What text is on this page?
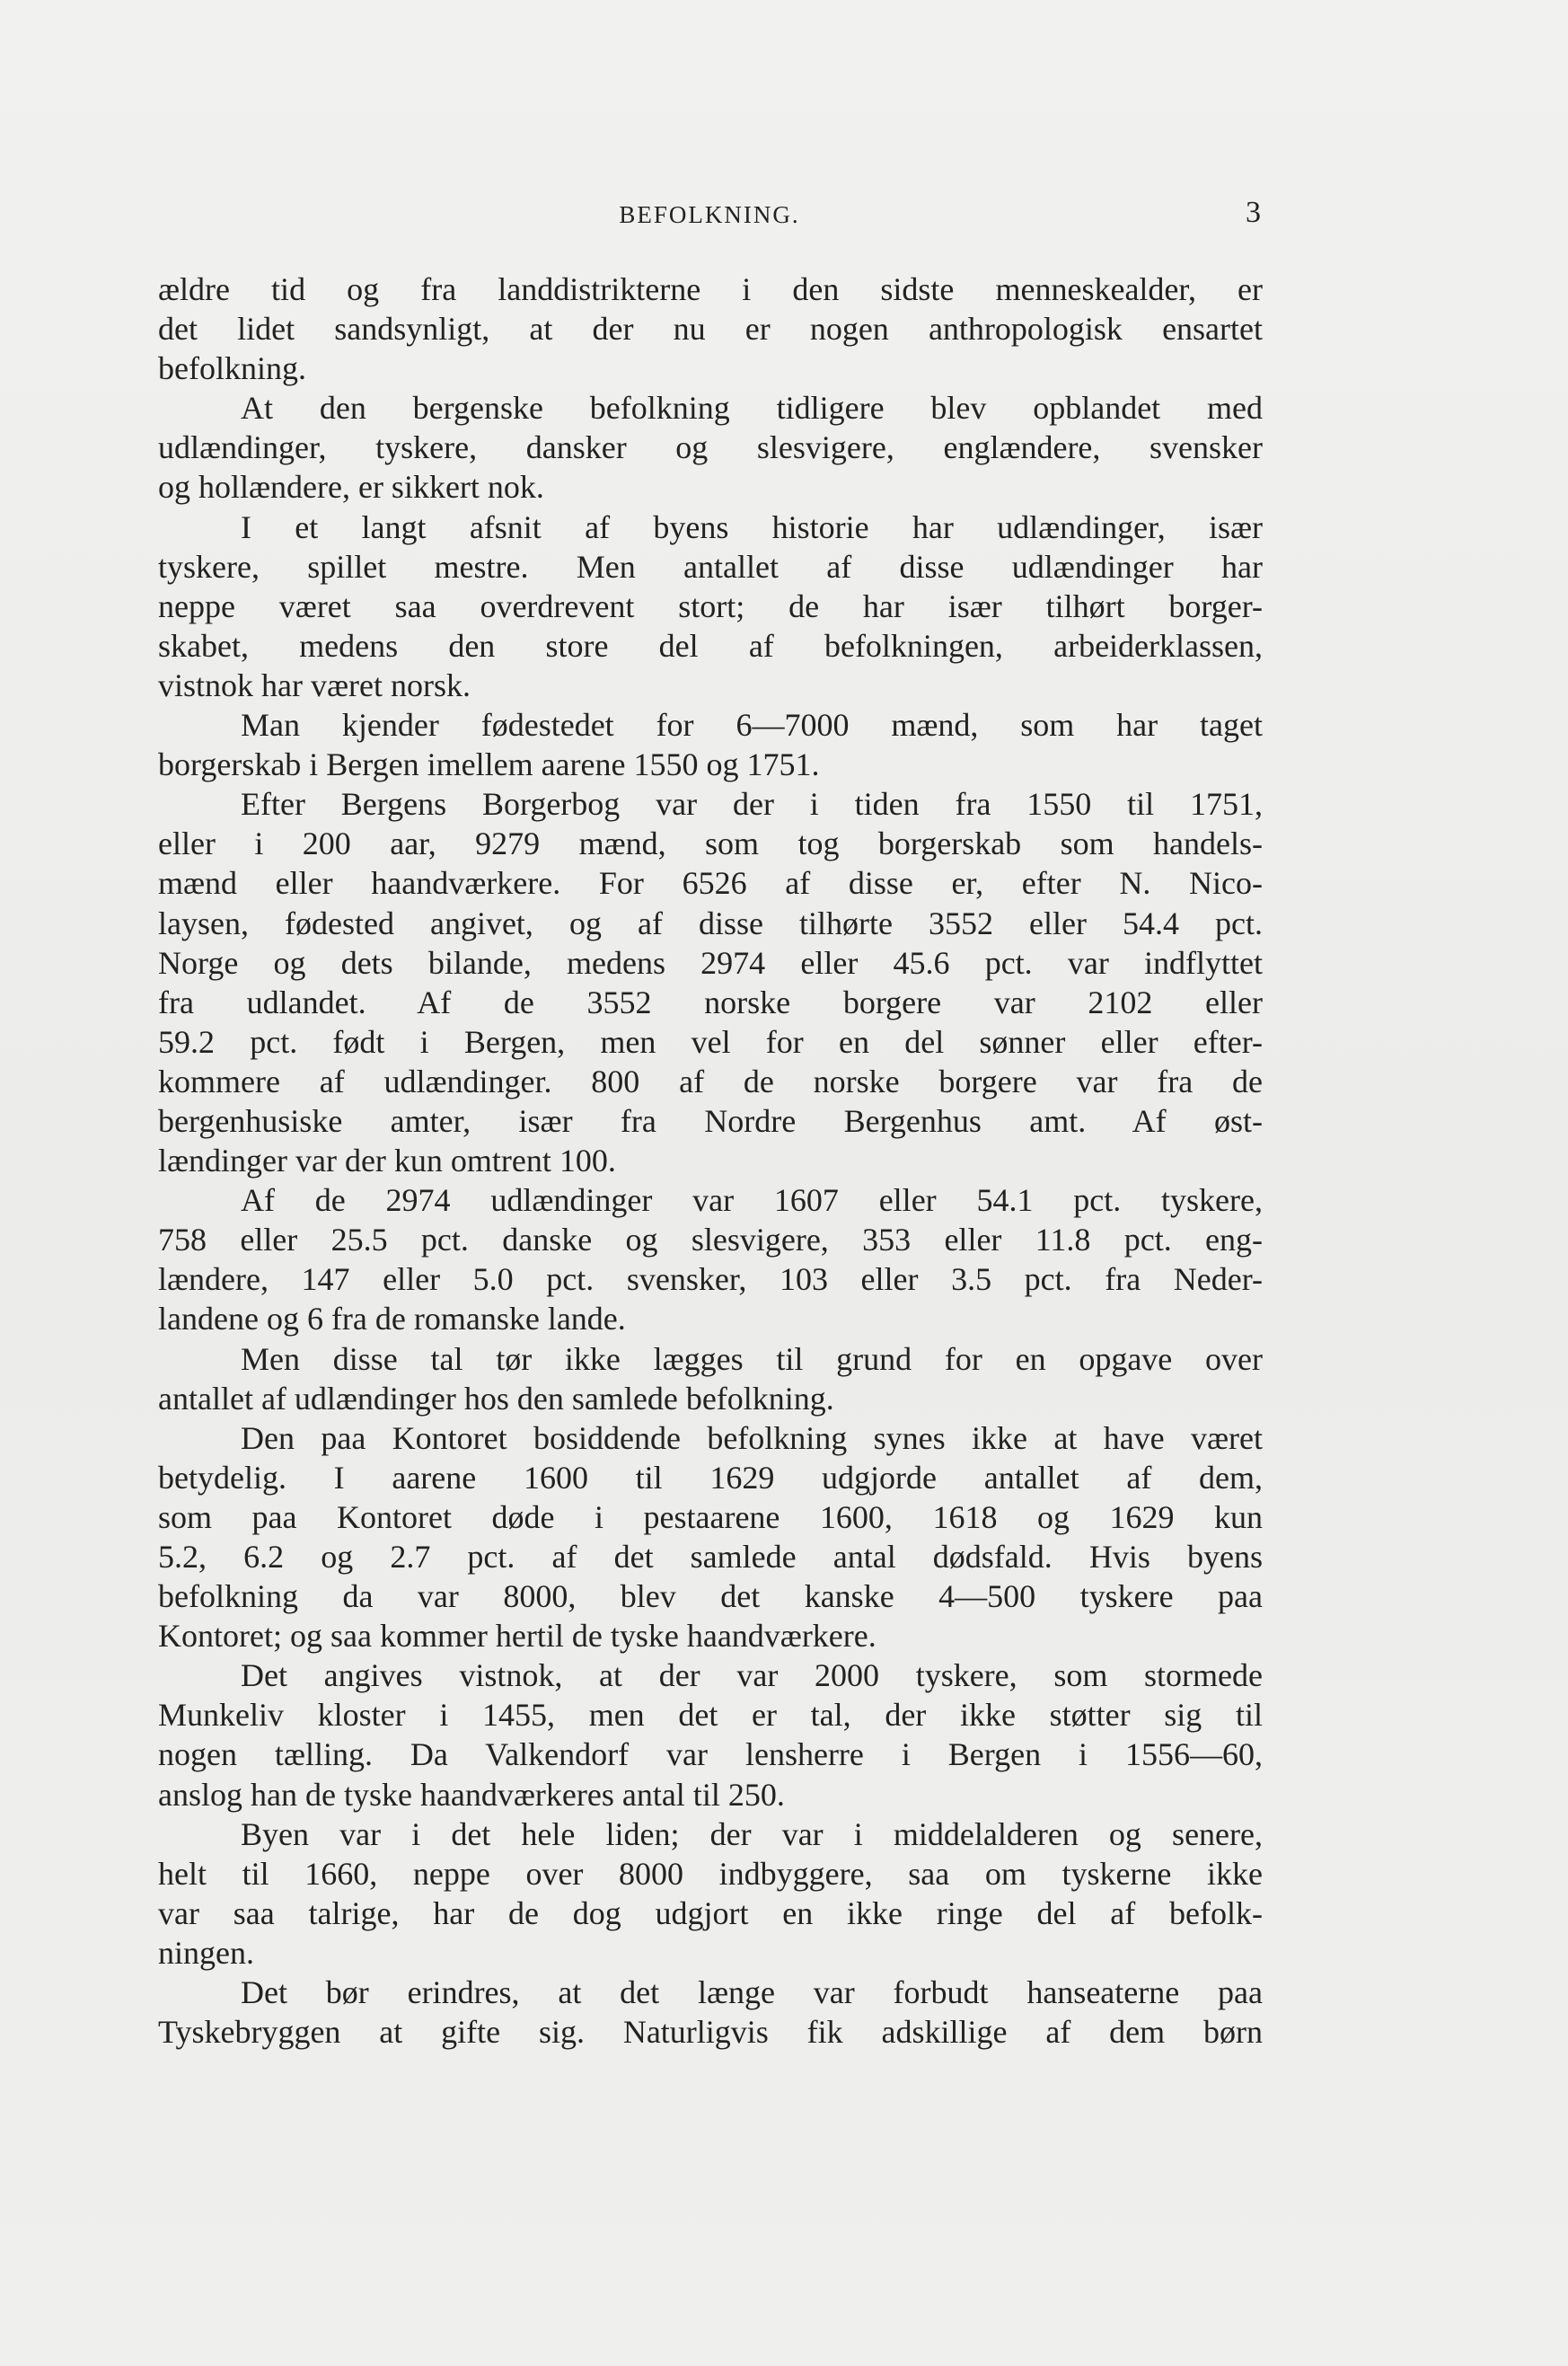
BEFOLKNING.	3
ældre tid og fra landdistrikterne i den sidste menneskealder, er
det lidet sandsynligt, at der nu er nogen anthropologisk ensartet
befolkning.
At den bergenske befolkning tidligere blev opblandet med
udlændinger, tyskere, dansker og slesvigere, englændere, svensker
og hollændere, er sikkert nok.
I et langt afsnit af byens historie har udlændinger, især
tyskere, spillet mestre. Men antallet af disse udlændinger har
neppe været saa overdrevent stort; de har især tilhørt borger-
skabet, medens den store del af befolkningen, arbeiderklassen,
vistnok har været norsk.
Man kjender fødestedet for 6—7000 mænd, som har taget
borgerskab i Bergen imellem aarene 1550 og 1751.
Efter Bergens Borgerbog var der i tiden fra 1550 til 1751,
eller i 200 aar, 9279 mænd, som tog borgerskab som handels-
mænd eller haandværkere. For 6526 af disse er, efter N. Nico-
laysen, fødested angivet, og af disse tilhørte 3552 eller 54.4 pct.
Norge og dets bilande, medens 2974 eller 45.6 pct. var indflyttet
fra udlandet. Af de 3552 norske borgere var 2102 eller
59.2 pct. født i Bergen, men vel for en del sønner eller efter-
kommere af udlændinger. 800 af de norske borgere var fra de
bergenhusiske amter, især fra Nordre Bergenhus amt. Af øst-
lændinger var der kun omtrent 100.
Af de 2974 udlændinger var 1607 eller 54.1 pct. tyskere,
758 eller 25.5 pct. danske og slesvigere, 353 eller 11.8 pct. eng-
lændere, 147 eller 5.0 pct. svensker, 103 eller 3.5 pct. fra Neder-
landene og 6 fra de romanske lande.
Men disse tal tør ikke lægges til grund for en opgave over
antallet af udlændinger hos den samlede befolkning.
Den paa Kontoret bosiddende befolkning synes ikke at have været
betydelig. I aarene 1600 til 1629 udgjorde antallet af dem,
som paa Kontoret døde i pestaarene 1600, 1618 og 1629 kun
5.2, 6.2 og 2.7 pct. af det samlede antal dødsfald. Hvis byens
befolkning da var 8000, blev det kanske 4—500 tyskere paa
Kontoret; og saa kommer hertil de tyske haandværkere.
Det angives vistnok, at der var 2000 tyskere, som stormede
Munkeliv kloster i 1455, men det er tal, der ikke støtter sig til
nogen tælling. Da Valkendorf var lensherre i Bergen i 1556—60,
anslog han de tyske haandværkeres antal til 250.
Byen var i det hele liden; der var i middelalderen og senere,
helt til 1660, neppe over 8000 indbyggere, saa om tyskerne ikke
var saa talrige, har de dog udgjort en ikke ringe del af befolk-
ningen.
Det bør erindres, at det længe var forbudt hanseaterne paa
Tyskebryggen at gifte sig. Naturligvis fik adskillige af dem børn
